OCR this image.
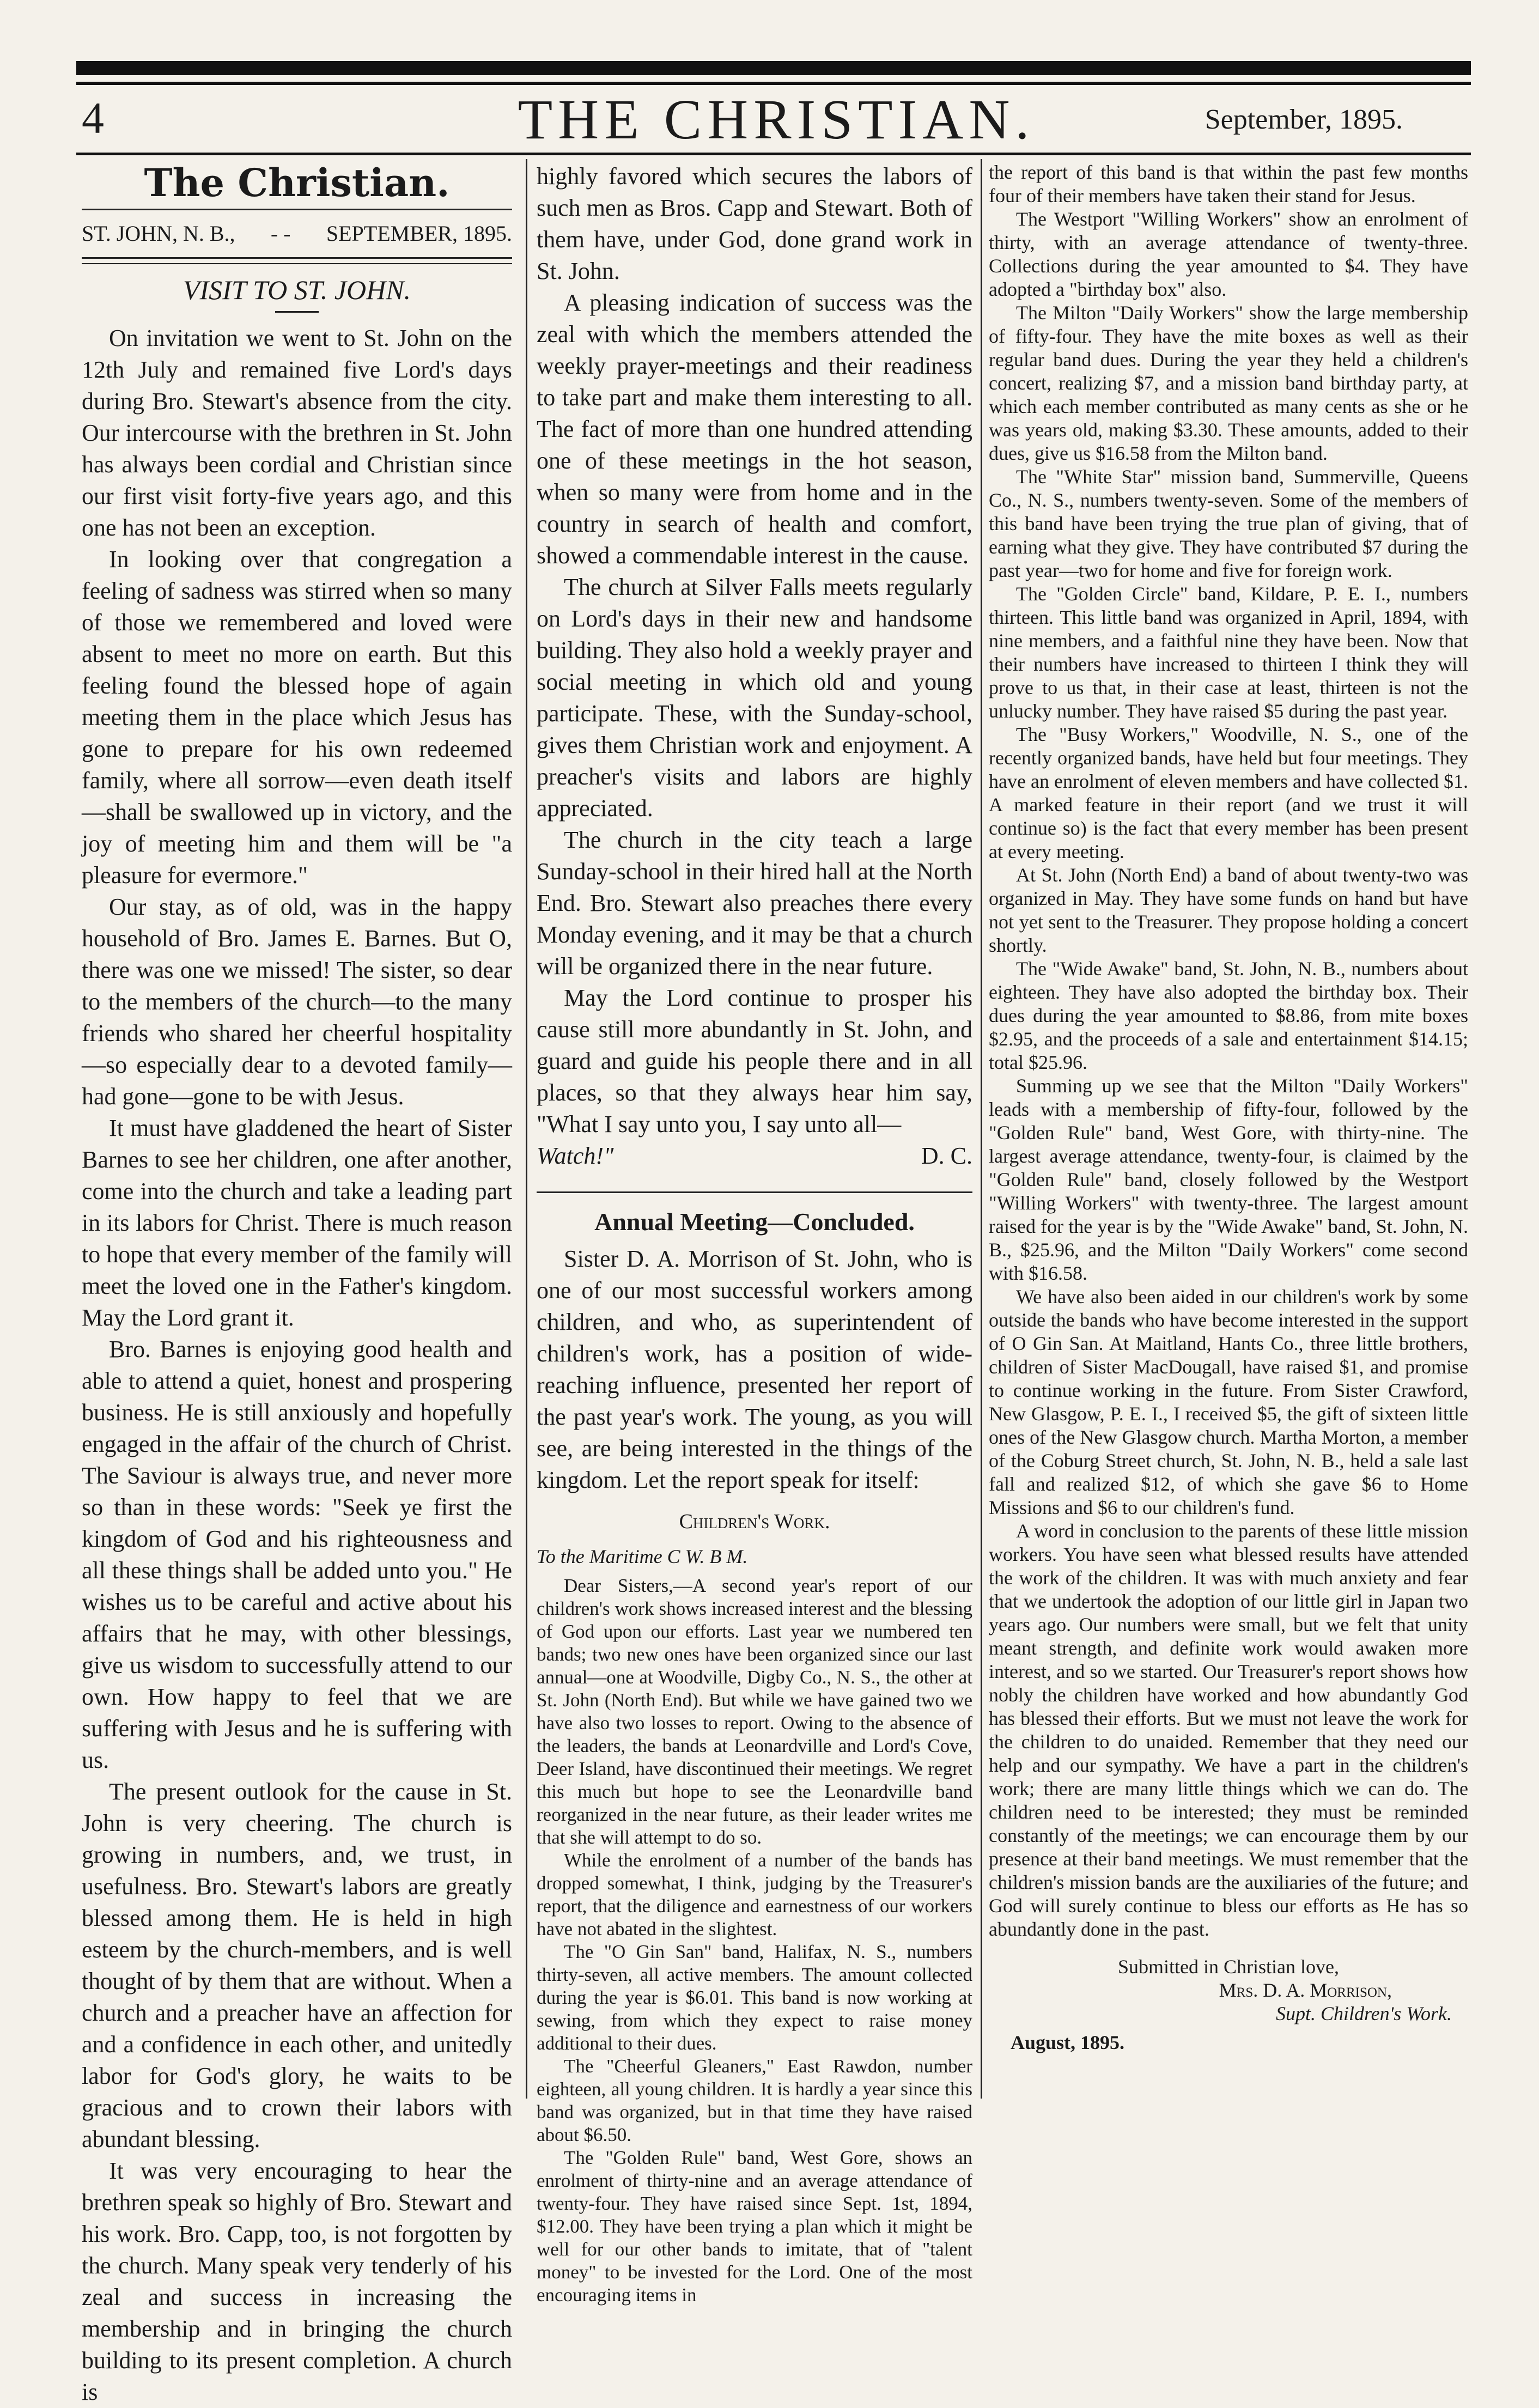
4	THE CHRISTIAN.	September, 1895.
The Christian.
ST. JOHN, N. B., - - SEPTEMBER, 1895.
VISIT TO ST. JOHN.

On invitation we went to St. John on the 12th July and remained five Lord's days during Bro. Stewart's absence from the city. Our intercourse with the brethren in St. John has always been cordial and Christian since our first visit forty-five years ago, and this one has not been an exception.

In looking over that congregation a feeling of sadness was stirred when so many of those we remembered and loved were absent to meet no more on earth. But this feeling found the blessed hope of again meeting them in the place which Jesus has gone to prepare for his own redeemed family, where all sorrow—even death itself—shall be swallowed up in victory, and the joy of meeting him and them will be "a pleasure for evermore."

Our stay, as of old, was in the happy household of Bro. James E. Barnes. But O, there was one we missed! The sister, so dear to the members of the church—to the many friends who shared her cheerful hospitality—so especially dear to a devoted family—had gone—gone to be with Jesus.

It must have gladdened the heart of Sister Barnes to see her children, one after another, come into the church and take a leading part in its labors for Christ. There is much reason to hope that every member of the family will meet the loved one in the Father's kingdom. May the Lord grant it.

Bro. Barnes is enjoying good health and able to attend a quiet, honest and prospering business. He is still anxiously and hopefully engaged in the affair of the church of Christ. The Saviour is always true, and never more so than in these words: "Seek ye first the kingdom of God and his righteousness and all these things shall be added unto you." He wishes us to be careful and active about his affairs that he may, with other blessings, give us wisdom to successfully attend to our own. How happy to feel that we are suffering with Jesus and he is suffering with us.

The present outlook for the cause in St. John is very cheering. The church is growing in numbers, and, we trust, in usefulness. Bro. Stewart's labors are greatly blessed among them. He is held in high esteem by the church-members, and is well thought of by them that are without. When a church and a preacher have an affection for and a confidence in each other, and unitedly labor for God's glory, he waits to be gracious and to crown their labors with abundant blessing.

It was very encouraging to hear the brethren speak so highly of Bro. Stewart and his work. Bro. Capp, too, is not forgotten by the church. Many speak very tenderly of his zeal and success in increasing the membership and in bringing the church building to its present completion. A church is

highly favored which secures the labors of such men as Bros. Capp and Stewart. Both of them have, under God, done grand work in St. John.

A pleasing indication of success was the zeal with which the members attended the weekly prayer-meetings and their readiness to take part and make them interesting to all. The fact of more than one hundred attending one of these meetings in the hot season, when so many were from home and in the country in search of health and comfort, showed a commendable interest in the cause.

The church at Silver Falls meets regularly on Lord's days in their new and handsome building. They also hold a weekly prayer and social meeting in which old and young participate. These, with the Sunday-school, gives them Christian work and enjoyment. A preacher's visits and labors are highly appreciated.

The church in the city teach a large Sunday-school in their hired hall at the North End. Bro. Stewart also preaches there every Monday evening, and it may be that a church will be organized there in the near future.

May the Lord continue to prosper his cause still more abundantly in St. John, and guard and guide his people there and in all places, so that they always hear him say, "What I say unto you, I say unto all—

Watch!"	D. C.
Annual Meeting—Concluded.

Sister D. A. Morrison of St. John, who is one of our most successful workers among children, and who, as superintendent of children's work, has a position of wide-reaching influence, presented her report of the past year's work. The young, as you will see, are being interested in the things of the kingdom. Let the report speak for itself:

Children's Work.
To the Maritime C W. B M.

Dear Sisters,—A second year's report of our children's work shows increased interest and the blessing of God upon our efforts. Last year we numbered ten bands; two new ones have been organized since our last annual—one at Woodville, Digby Co., N. S., the other at St. John (North End). But while we have gained two we have also two losses to report. Owing to the absence of the leaders, the bands at Leonardville and Lord's Cove, Deer Island, have discontinued their meetings. We regret this much but hope to see the Leonardville band reorganized in the near future, as their leader writes me that she will attempt to do so.

While the enrolment of a number of the bands has dropped somewhat, I think, judging by the Treasurer's report, that the diligence and earnestness of our workers have not abated in the slightest.

The "O Gin San" band, Halifax, N. S., numbers thirty-seven, all active members. The amount collected during the year is $6.01. This band is now working at sewing, from which they expect to raise money additional to their dues.

The "Cheerful Gleaners," East Rawdon, number eighteen, all young children. It is hardly a year since this band was organized, but in that time they have raised about $6.50.

The "Golden Rule" band, West Gore, shows an enrolment of thirty-nine and an average attendance of twenty-four. They have raised since Sept. 1st, 1894, $12.00. They have been trying a plan which it might be well for our other bands to imitate, that of "talent money" to be invested for the Lord. One of the most encouraging items in

the report of this band is that within the past few months four of their members have taken their stand for Jesus.

The Westport "Willing Workers" show an enrolment of thirty, with an average attendance of twenty-three. Collections during the year amounted to $4. They have adopted a "birthday box" also.

The Milton "Daily Workers" show the large membership of fifty-four. They have the mite boxes as well as their regular band dues. During the year they held a children's concert, realizing $7, and a mission band birthday party, at which each member contributed as many cents as she or he was years old, making $3.30. These amounts, added to their dues, give us $16.58 from the Milton band.

The "White Star" mission band, Summerville, Queens Co., N. S., numbers twenty-seven. Some of the members of this band have been trying the true plan of giving, that of earning what they give. They have contributed $7 during the past year—two for home and five for foreign work.

The "Golden Circle" band, Kildare, P. E. I., numbers thirteen. This little band was organized in April, 1894, with nine members, and a faithful nine they have been. Now that their numbers have increased to thirteen I think they will prove to us that, in their case at least, thirteen is not the unlucky number. They have raised $5 during the past year.

The "Busy Workers," Woodville, N. S., one of the recently organized bands, have held but four meetings. They have an enrolment of eleven members and have collected $1. A marked feature in their report (and we trust it will continue so) is the fact that every member has been present at every meeting.

At St. John (North End) a band of about twenty-two was organized in May. They have some funds on hand but have not yet sent to the Treasurer. They propose holding a concert shortly.

The "Wide Awake" band, St. John, N. B., numbers about eighteen. They have also adopted the birthday box. Their dues during the year amounted to $8.86, from mite boxes $2.95, and the proceeds of a sale and entertainment $14.15; total $25.96.

Summing up we see that the Milton "Daily Workers" leads with a membership of fifty-four, followed by the "Golden Rule" band, West Gore, with thirty-nine. The largest average attendance, twenty-four, is claimed by the "Golden Rule" band, closely followed by the Westport "Willing Workers" with twenty-three. The largest amount raised for the year is by the "Wide Awake" band, St. John, N. B., $25.96, and the Milton "Daily Workers" come second with $16.58.

We have also been aided in our children's work by some outside the bands who have become interested in the support of O Gin San. At Maitland, Hants Co., three little brothers, children of Sister MacDougall, have raised $1, and promise to continue working in the future. From Sister Crawford, New Glasgow, P. E. I., I received $5, the gift of sixteen little ones of the New Glasgow church. Martha Morton, a member of the Coburg Street church, St. John, N. B., held a sale last fall and realized $12, of which she gave $6 to Home Missions and $6 to our children's fund.

A word in conclusion to the parents of these little mission workers. You have seen what blessed results have attended the work of the children. It was with much anxiety and fear that we undertook the adoption of our little girl in Japan two years ago. Our numbers were small, but we felt that unity meant strength, and definite work would awaken more interest, and so we started. Our Treasurer's report shows how nobly the children have worked and how abundantly God has blessed their efforts. But we must not leave the work for the children to do unaided. Remember that they need our help and our sympathy. We have a part in the children's work; there are many little things which we can do. The children need to be interested; they must be reminded constantly of the meetings; we can encourage them by our presence at their band meetings. We must remember that the children's mission bands are the auxiliaries of the future; and God will surely continue to bless our efforts as He has so abundantly done in the past.

Submitted in Christian love,
Mrs. D. A. Morrison,
Supt. Children's Work.
August, 1895.
